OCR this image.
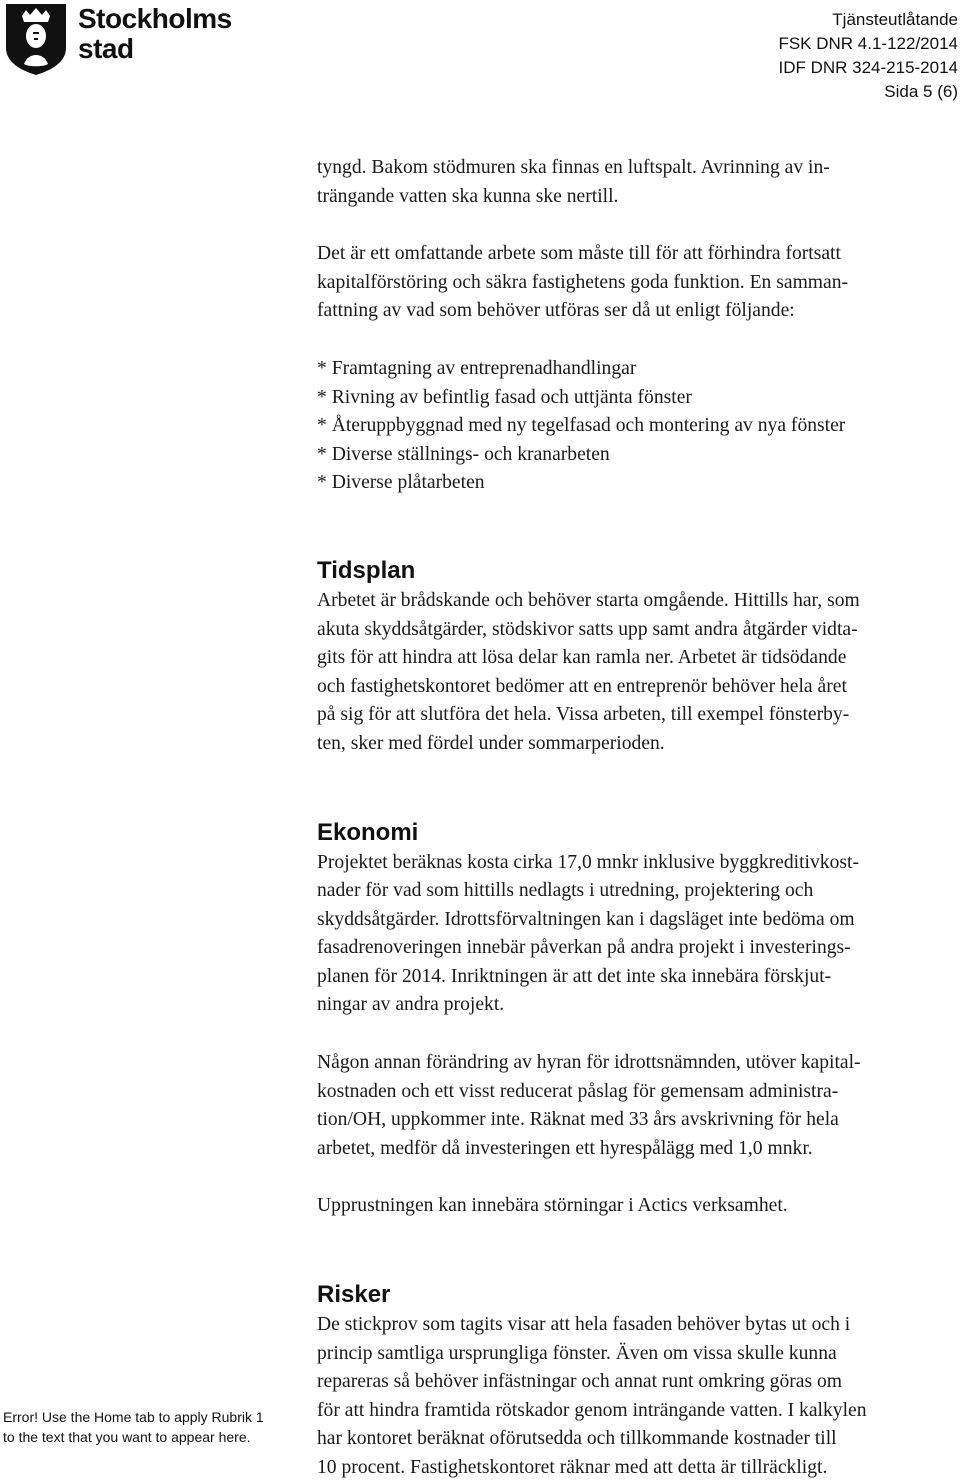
Stockholms
stad
Tjänsteutlåtande
FSK DNR 4.1-122/2014
IDF DNR 324-215-2014
Sida 5 (6)

tyngd. Bakom stödmuren ska finnas en luftspalt. Avrinning av in-
trängande vatten ska kunna ske nertill.

Det är ett omfattande arbete som måste till för att förhindra fortsatt
kapitalförstöring och säkra fastighetens goda funktion. En samman-
fattning av vad som behöver utföras ser då ut enligt följande:

* Framtagning av entreprenadhandlingar
* Rivning av befintlig fasad och uttjänta fönster
* Återuppbyggnad med ny tegelfasad och montering av nya fönster
* Diverse ställnings- och kranarbeten
* Diverse plåtarbeten
Tidsplan

Arbetet är brådskande och behöver starta omgående. Hittills har, som
akuta skyddsåtgärder, stödskivor satts upp samt andra åtgärder vidta-
gits för att hindra att lösa delar kan ramla ner. Arbetet är tidsödande
och fastighetskontoret bedömer att en entreprenör behöver hela året
på sig för att slutföra det hela. Vissa arbeten, till exempel fönsterby-
ten, sker med fördel under sommarperioden.

Ekonomi

Projektet beräknas kosta cirka 17,0 mnkr inklusive byggkreditivkost-
nader för vad som hittills nedlagts i utredning, projektering och
skyddsåtgärder. Idrottsförvaltningen kan i dagsläget inte bedöma om
fasadrenoveringen innebär påverkan på andra projekt i investerings-
planen för 2014. Inriktningen är att det inte ska innebära förskjut-
ningar av andra projekt.

Någon annan förändring av hyran för idrottsnämnden, utöver kapital-
kostnaden och ett visst reducerat påslag för gemensam administra-
tion/OH, uppkommer inte. Räknat med 33 års avskrivning för hela
arbetet, medför då investeringen ett hyrespålägg med 1,0 mnkr.

Upprustningen kan innebära störningar i Actics verksamhet.

Risker

De stickprov som tagits visar att hela fasaden behöver bytas ut och i
princip samtliga ursprungliga fönster. Även om vissa skulle kunna
repareras så behöver infästningar och annat runt omkring göras om
för att hindra framtida rötskador genom inträngande vatten. I kalkylen
har kontoret beräknat oförutsedda och tillkommande kostnader till
10 procent. Fastighetskontoret räknar med att detta är tillräckligt.

Error! Use the Home tab to apply Rubrik 1
to the text that you want to appear here.
